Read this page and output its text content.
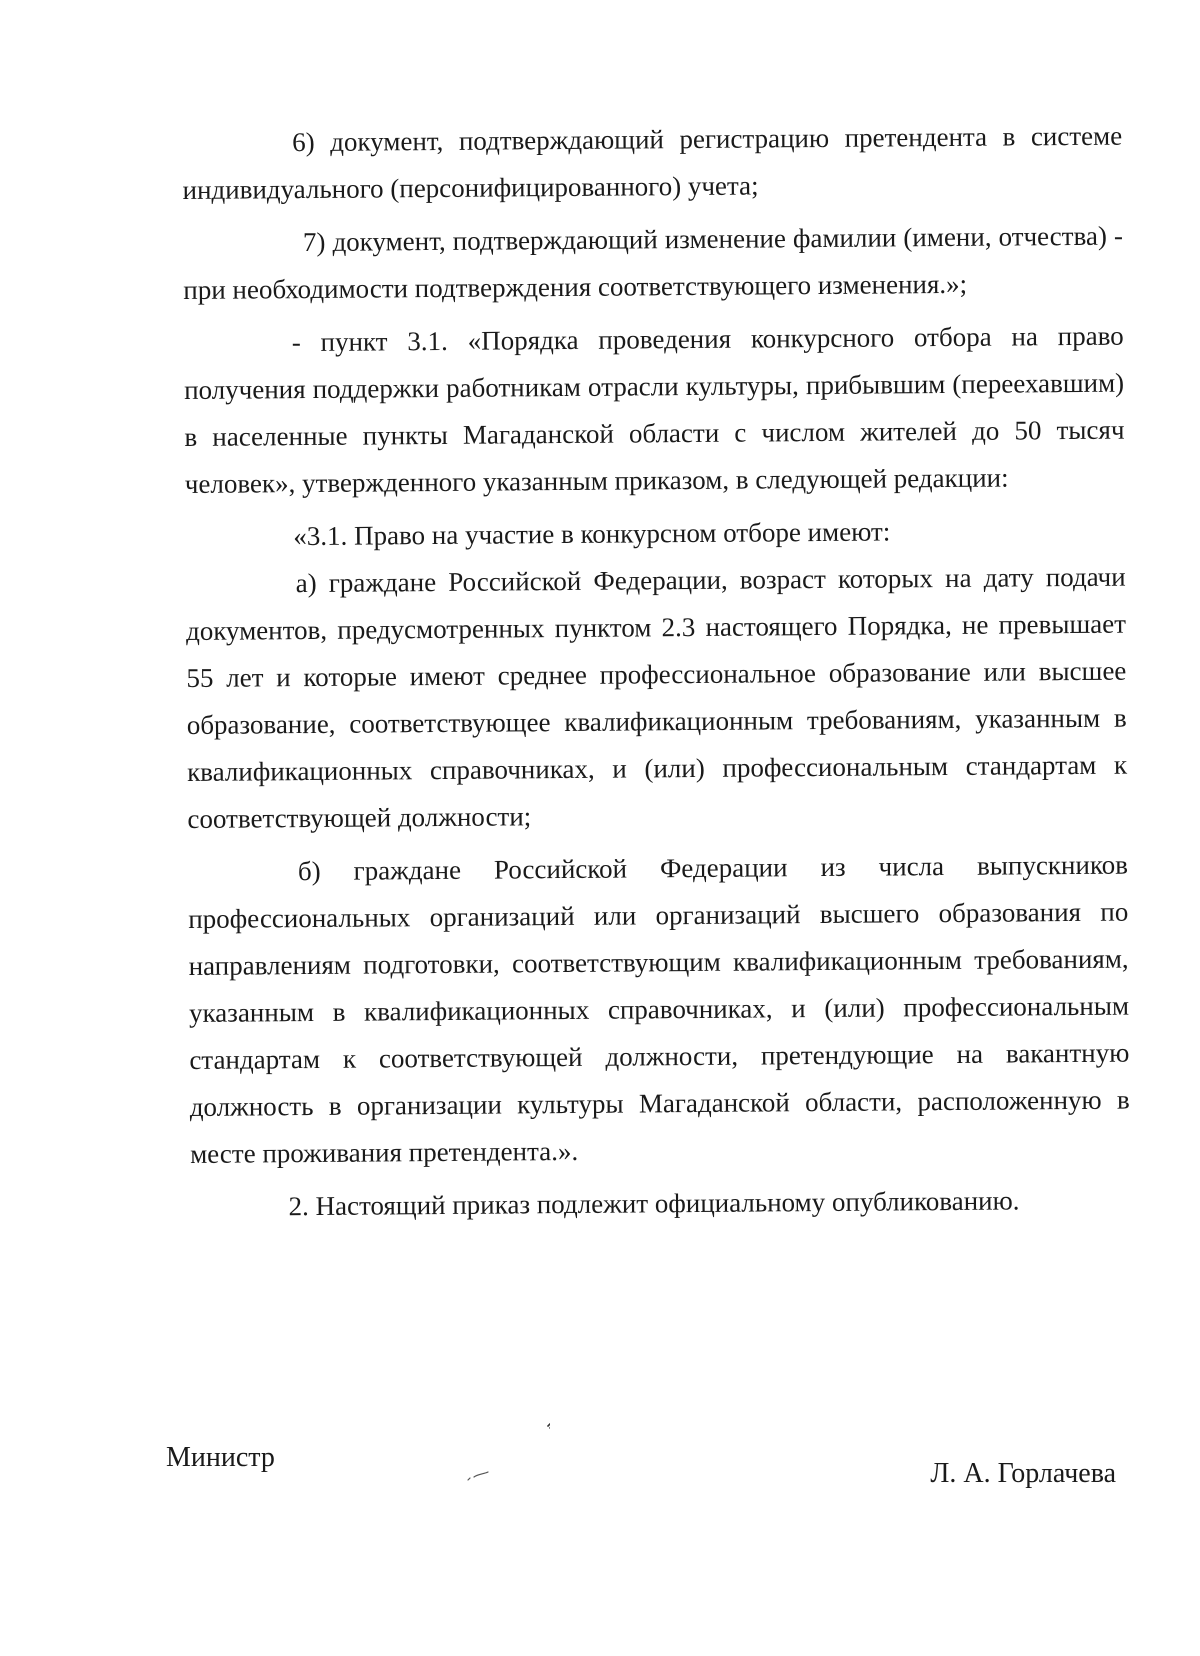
6) документ, подтверждающий регистрацию претендента в системе индивидуального (персонифицированного) учета;

7) документ, подтверждающий изменение фамилии (имени, отчества) - при необходимости подтверждения соответствующего изменения.»;

- пункт 3.1. «Порядка проведения конкурсного отбора на право получения поддержки работникам отрасли культуры, прибывшим (переехавшим) в населенные пункты Магаданской области с числом жителей до 50 тысяч человек», утвержденного указанным приказом, в следующей редакции:

«3.1. Право на участие в конкурсном отборе имеют:

а) граждане Российской Федерации, возраст которых на дату подачи документов, предусмотренных пунктом 2.3 настоящего Порядка, не превышает 55 лет и которые имеют среднее профессиональное образование или высшее образование, соответствующее квалификационным требованиям, указанным в квалификационных справочниках, и (или) профессиональным стандартам к соответствующей должности;

б) граждане Российской Федерации из числа выпускников профессиональных организаций или организаций высшего образования по направлениям подготовки, соответствующим квалификационным требованиям, указанным в квалификационных справочниках, и (или) профессиональным стандартам к соответствующей должности, претендующие на вакантную должность в организации культуры Магаданской области, расположенную в месте проживания претендента.».

2. Настоящий приказ подлежит официальному опубликованию.

Министр
Л. А. Горлачева
